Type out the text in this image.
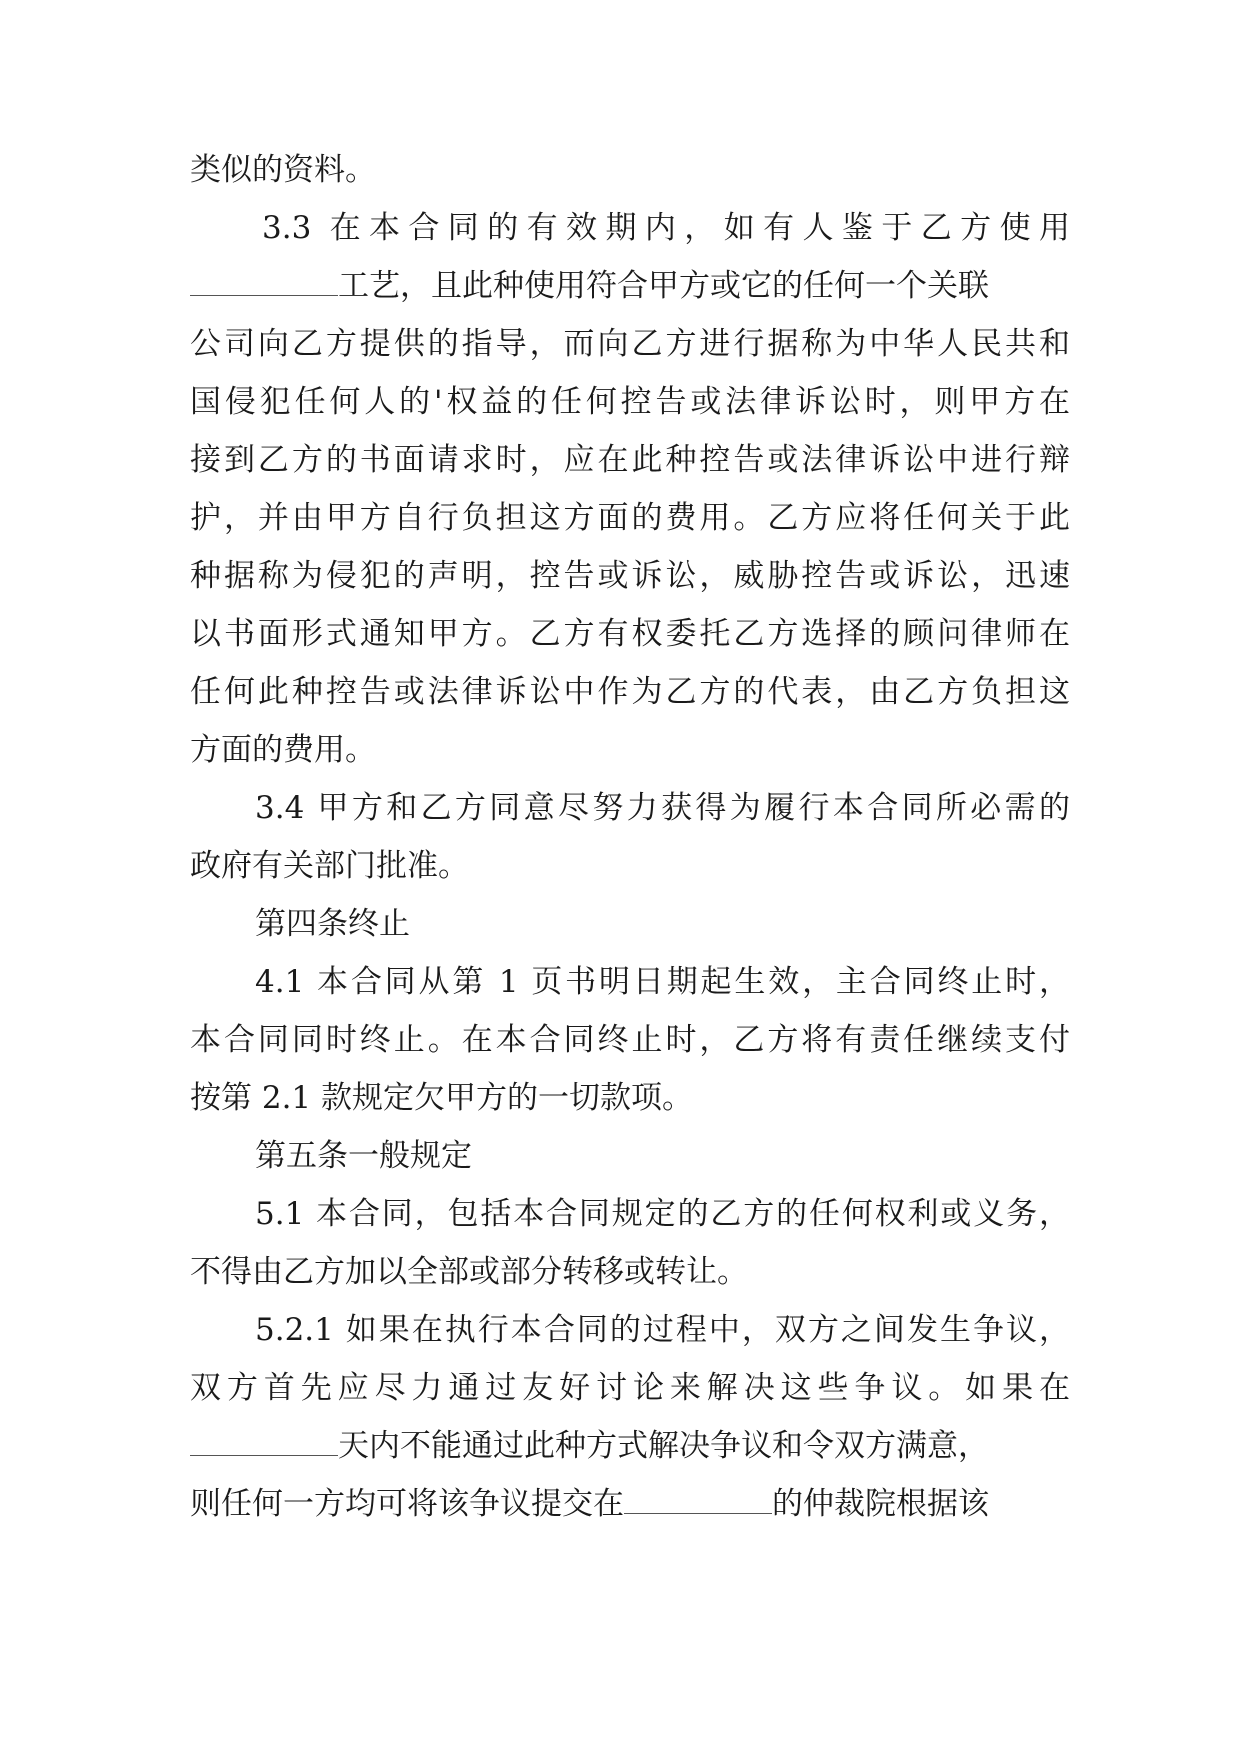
类似的资料。
3.3 在本合同的有效期内，如有人鉴于乙方使用
工艺，且此种使用符合甲方或它的任何一个关联
公司向乙方提供的指导，而向乙方进行据称为中华人民共和
国侵犯任何人的'权益的任何控告或法律诉讼时，则甲方在
接到乙方的书面请求时，应在此种控告或法律诉讼中进行辩
护，并由甲方自行负担这方面的费用。乙方应将任何关于此
种据称为侵犯的声明，控告或诉讼，威胁控告或诉讼，迅速
以书面形式通知甲方。乙方有权委托乙方选择的顾问律师在
任何此种控告或法律诉讼中作为乙方的代表，由乙方负担这
方面的费用。
3.4 甲方和乙方同意尽努力获得为履行本合同所必需的
政府有关部门批准。
第四条终止
4.1 本合同从第 1 页书明日期起生效，主合同终止时，
本合同同时终止。在本合同终止时，乙方将有责任继续支付
按第 2.1 款规定欠甲方的一切款项。
第五条一般规定
5.1 本合同，包括本合同规定的乙方的任何权利或义务，
不得由乙方加以全部或部分转移或转让。
5.2.1 如果在执行本合同的过程中，双方之间发生争议，
双方首先应尽力通过友好讨论来解决这些争议。如果在
天内不能通过此种方式解决争议和令双方满意，
则任何一方均可将该争议提交在	的仲裁院根据该
